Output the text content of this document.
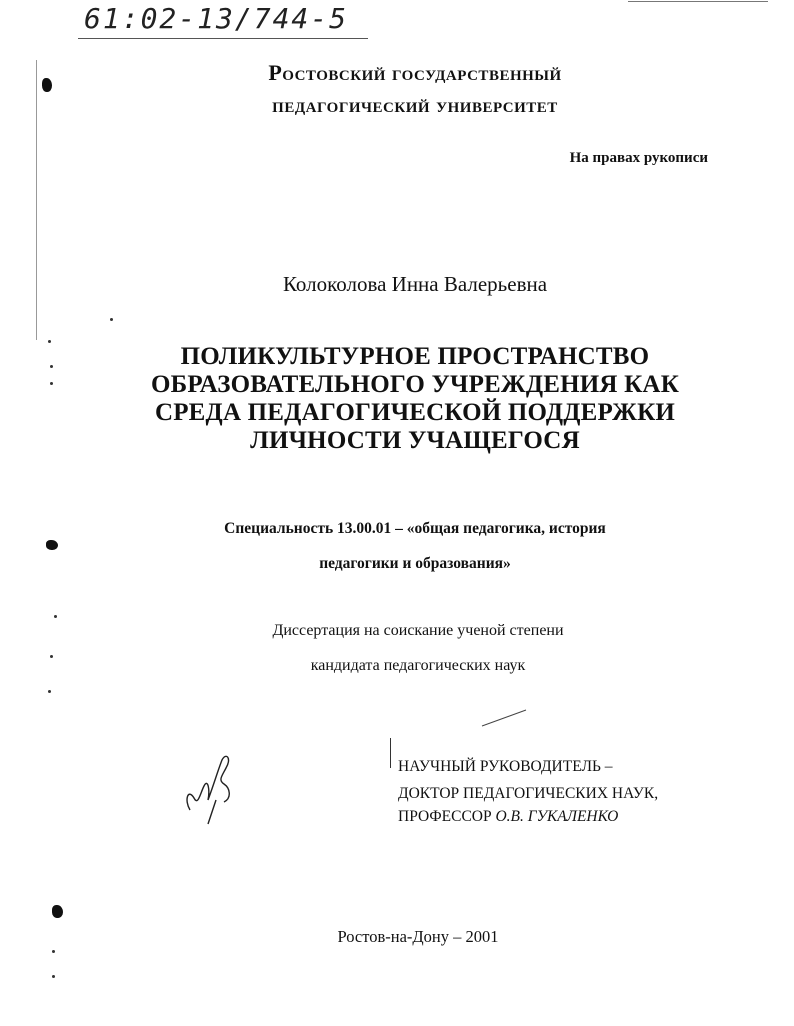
61:02-13/744-5
Ростовский государственный
педагогический университет
На правах рукописи
Колоколова Инна Валерьевна
ПОЛИКУЛЬТУРНОЕ ПРОСТРАНСТВО
ОБРАЗОВАТЕЛЬНОГО УЧРЕЖДЕНИЯ КАК
СРЕДА ПЕДАГОГИЧЕСКОЙ ПОДДЕРЖКИ
ЛИЧНОСТИ УЧАЩЕГОСЯ
Специальность 13.00.01 – «общая педагогика, история
педагогики и образования»
Диссертация на соискание ученой степени
кандидата педагогических наук
НАУЧНЫЙ РУКОВОДИТЕЛЬ –
ДОКТОР ПЕДАГОГИЧЕСКИХ НАУК,
ПРОФЕССОР О.В. ГУКАЛЕНКО
Ростов-на-Дону – 2001
